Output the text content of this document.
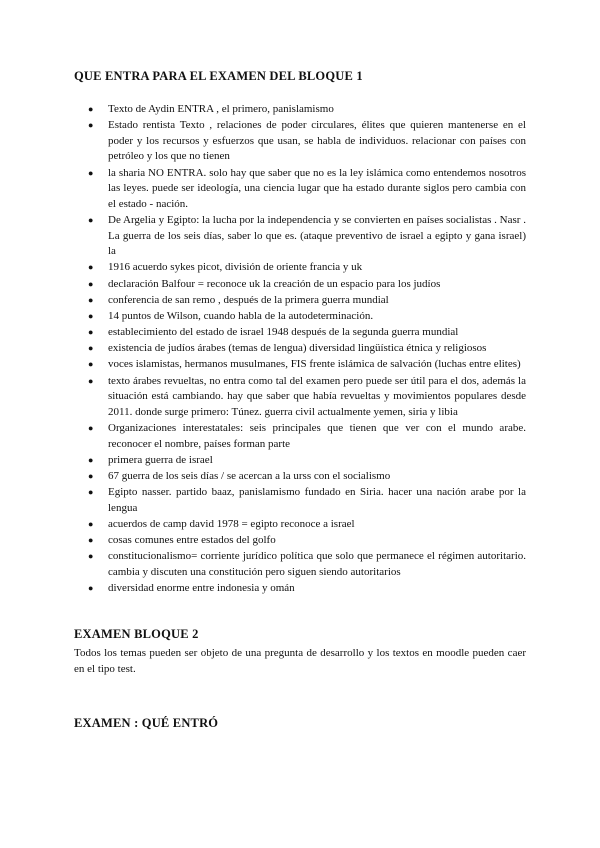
QUE ENTRA PARA EL EXAMEN DEL BLOQUE 1
● Texto de Aydin ENTRA , el primero, panislamismo
● Estado rentista Texto , relaciones de poder circulares, élites que quieren mantenerse en el poder y los recursos y esfuerzos que usan, se habla de individuos. relacionar con países con petróleo y los que no tienen
● la sharia NO ENTRA. solo hay que saber que no es la ley islámica como entendemos nosotros las leyes. puede ser ideología, una ciencia lugar que ha estado durante siglos pero cambia con el estado - nación.
● De Argelia y Egipto: la lucha por la independencia y se convierten en países socialistas . Nasr . La guerra de los seis días, saber lo que es. (ataque preventivo de israel a egipto y gana israel) la
● 1916 acuerdo sykes picot, división de oriente francia y uk
● declaración Balfour = reconoce uk la creación de un espacio para los judíos
● conferencia de san remo , después de la primera guerra mundial
● 14 puntos de Wilson, cuando habla de la autodeterminación.
● establecimiento del estado de israel 1948 después de la segunda guerra mundial
● existencia de judíos árabes (temas de lengua) diversidad lingüística étnica y religiosos
● voces islamistas, hermanos musulmanes, FIS frente islámica de salvación (luchas entre elites)
● texto árabes revueltas, no entra como tal del examen pero puede ser útil para el dos, además la situación está cambiando. hay que saber que había revueltas y movimientos populares desde 2011. donde surge primero: Túnez. guerra civil actualmente yemen, siria y libia
● Organizaciones interestatales: seis principales que tienen que ver con el mundo arabe. reconocer el nombre, países forman parte
● primera guerra de israel
● 67 guerra de los seis días / se acercan a la urss con el socialismo
● Egipto nasser. partido baaz, panislamismo fundado en Siria. hacer una nación arabe por la lengua
● acuerdos de camp david 1978 = egipto reconoce a israel
● cosas comunes entre estados del golfo
● constitucionalismo= corriente jurídico política que solo que permanece el régimen autoritario. cambia y discuten una constitución pero siguen siendo autoritarios
● diversidad enorme entre indonesia y omán
EXAMEN BLOQUE 2

Todos los temas pueden ser objeto de una pregunta de desarrollo y los textos en moodle pueden caer en el tipo test.

EXAMEN : QUÉ ENTRÓ
